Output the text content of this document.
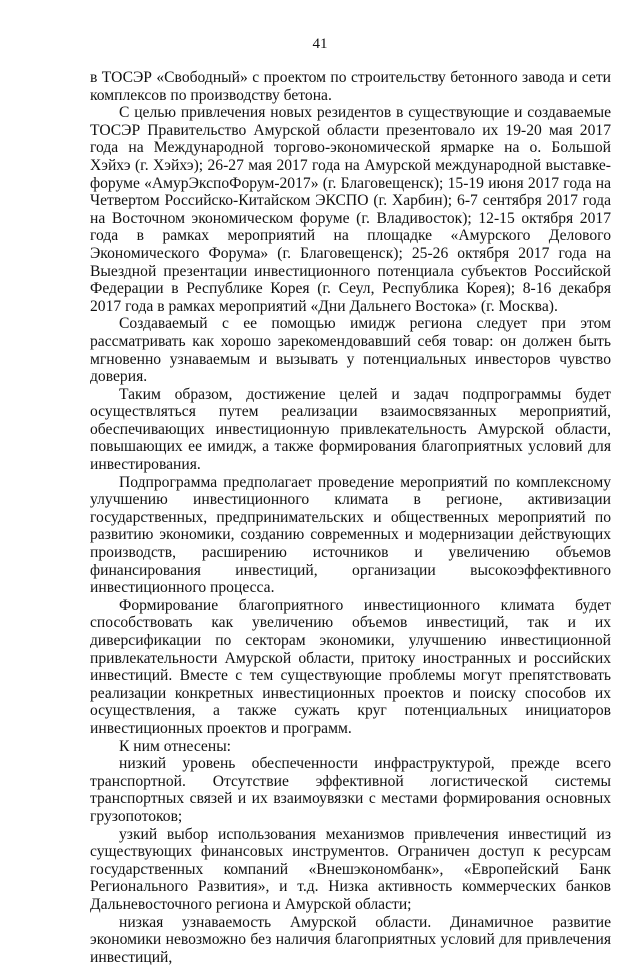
41

в ТОСЭР «Свободный» с проектом по строительству бетонного завода и сети комплексов по производству бетона.

С целью привлечения новых резидентов в существующие и создаваемые ТОСЭР Правительство Амурской области презентовало их 19-20 мая 2017 года на Международной торгово-экономической ярмарке на о. Большой Хэйхэ (г. Хэйхэ); 26-27 мая 2017 года на Амурской международной выставке-форуме «АмурЭкспоФорум-2017» (г. Благовещенск); 15-19 июня 2017 года на Четвертом Российско-Китайском ЭКСПО (г. Харбин); 6-7 сентября 2017 года на Восточном экономическом форуме (г. Владивосток); 12-15 октября 2017 года в рамках мероприятий на площадке «Амурского Делового Экономического Форума» (г. Благовещенск); 25-26 октября 2017 года на Выездной презентации инвестиционного потенциала субъектов Российской Федерации в Республике Корея (г. Сеул, Республика Корея); 8-16 декабря 2017 года в рамках мероприятий «Дни Дальнего Востока» (г. Москва).

Создаваемый с ее помощью имидж региона следует при этом рассматривать как хорошо зарекомендовавший себя товар: он должен быть мгновенно узнаваемым и вызывать у потенциальных инвесторов чувство доверия.

Таким образом, достижение целей и задач подпрограммы будет осуществляться путем реализации взаимосвязанных мероприятий, обеспечивающих инвестиционную привлекательность Амурской области, повышающих ее имидж, а также формирования благоприятных условий для инвестирования.

Подпрограмма предполагает проведение мероприятий по комплексному улучшению инвестиционного климата в регионе, активизации государственных, предпринимательских и общественных мероприятий по развитию экономики, созданию современных и модернизации действующих производств, расширению источников и увеличению объемов финансирования инвестиций, организации высокоэффективного инвестиционного процесса.

Формирование благоприятного инвестиционного климата будет способствовать как увеличению объемов инвестиций, так и их диверсификации по секторам экономики, улучшению инвестиционной привлекательности Амурской области, притоку иностранных и российских инвестиций. Вместе с тем существующие проблемы могут препятствовать реализации конкретных инвестиционных проектов и поиску способов их осуществления, а также сужать круг потенциальных инициаторов инвестиционных проектов и программ.

К ним отнесены:

низкий уровень обеспеченности инфраструктурой, прежде всего транспортной. Отсутствие эффективной логистической системы транспортных связей и их взаимоувязки с местами формирования основных грузопотоков;

узкий выбор использования механизмов привлечения инвестиций из существующих финансовых инструментов. Ограничен доступ к ресурсам государственных компаний «Внешэкономбанк», «Европейский Банк Регионального Развития», и т.д. Низка активность коммерческих банков Дальневосточного региона и Амурской области;

низкая узнаваемость Амурской области. Динамичное развитие экономики невозможно без наличия благоприятных условий для привлечения инвестиций,
